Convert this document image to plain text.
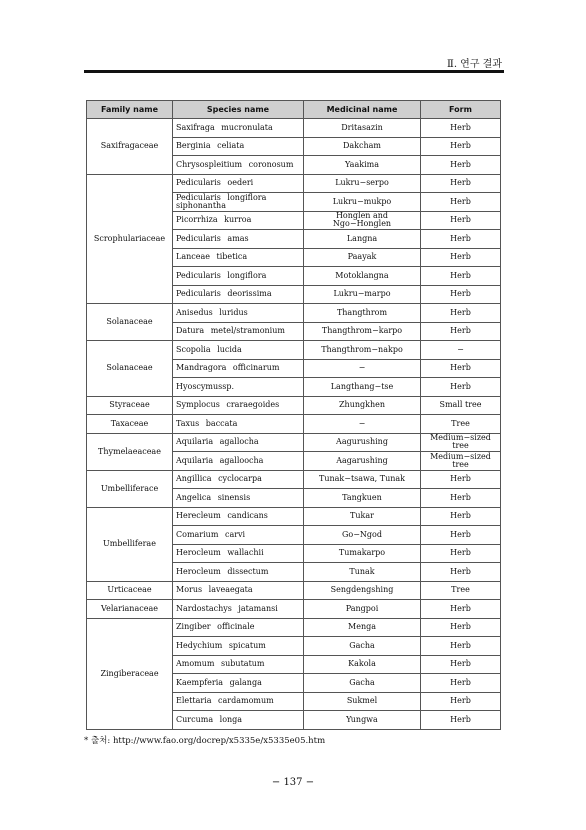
Ⅱ. 연구 결과
Family name	Species name	Medicinal name	Form
Saxifragaceae	Saxifraga mucronulata	Dritasazin	Herb
	Berginia celiata	Dakcham	Herb
	Chrysospleitium coronosum	Yaakima	Herb
Scrophulariaceae	Pedicularis oederi	Lukru−serpo	Herb
	Pedicularis longiflora siphonantha	Lukru−mukpo	Herb
	Picorrhiza kurroa	Honglen and Ngo−Honglen	Herb
	Pedicularis amas	Langna	Herb
	Lanceae tibetica	Paayak	Herb
	Pedicularis longiflora	Motoklangna	Herb
	Pedicularis deorissima	Lukru−marpo	Herb
Solanaceae	Anisedus luridus	Thangthrom	Herb
	Datura metel/stramonium	Thangthrom−karpo	Herb
Solanaceae	Scopolia lucida	Thangthrom−nakpo	−
	Mandragora officinarum	−	Herb
	Hyoscymussp.	Langthang−tse	Herb
Styraceae	Symplocus craraegoides	Zhungkhen	Small tree
Taxaceae	Taxus baccata	−	Tree
Thymelaeaceae	Aquilaria agallocha	Aagurushing	Medium−sized tree
	Aquilaria agalloocha	Aagarushing	Medium−sized tree
Umbelliferace	Angillica cyclocarpa	Tunak−tsawa, Tunak	Herb
	Angelica sinensis	Tangkuen	Herb
Umbelliferae	Herecleum candicans	Tukar	Herb
	Comarium carvi	Go−Ngod	Herb
	Herocleum wallachii	Tumakarpo	Herb
	Herocleum dissectum	Tunak	Herb
Urticaceae	Morus laveaegata	Sengdengshing	Tree
Velarianaceae	Nardostachys jatamansi	Pangpoi	Herb
Zingiberaceae	Zingiber officinale	Menga	Herb
	Hedychium spicatum	Gacha	Herb
	Amomum subutatum	Kakola	Herb
	Kaempferia galanga	Gacha	Herb
	Elettaria cardamomum	Sukmel	Herb
	Curcuma longa	Yungwa	Herb
* 출처: http://www.fao.org/docrep/x5335e/x5335e05.htm
− 137 −
